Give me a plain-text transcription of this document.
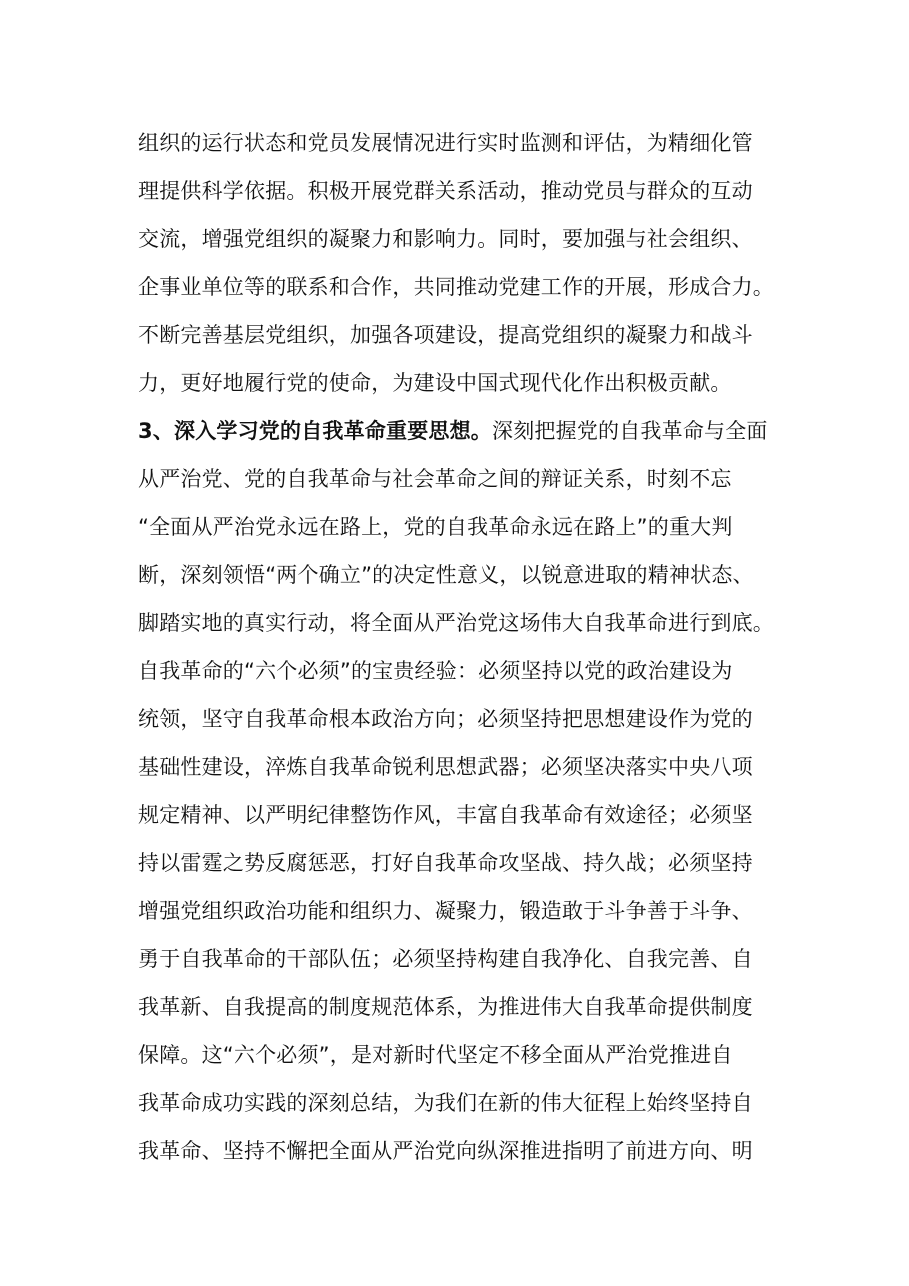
组织的运行状态和党员发展情况进行实时监测和评估，为精细化管
理提供科学依据。积极开展党群关系活动，推动党员与群众的互动
交流，增强党组织的凝聚力和影响力。同时，要加强与社会组织、
企事业单位等的联系和合作，共同推动党建工作的开展，形成合力。
不断完善基层党组织，加强各项建设，提高党组织的凝聚力和战斗
力，更好地履行党的使命，为建设中国式现代化作出积极贡献。
3、深入学习党的自我革命重要思想。深刻把握党的自我革命与全面
从严治党、党的自我革命与社会革命之间的辩证关系，时刻不忘
“全面从严治党永远在路上，党的自我革命永远在路上”的重大判
断，深刻领悟“两个确立”的决定性意义，以锐意进取的精神状态、
脚踏实地的真实行动，将全面从严治党这场伟大自我革命进行到底。
自我革命的“六个必须”的宝贵经验：必须坚持以党的政治建设为
统领，坚守自我革命根本政治方向；必须坚持把思想建设作为党的
基础性建设，淬炼自我革命锐利思想武器；必须坚决落实中央八项
规定精神、以严明纪律整饬作风，丰富自我革命有效途径；必须坚
持以雷霆之势反腐惩恶，打好自我革命攻坚战、持久战；必须坚持
增强党组织政治功能和组织力、凝聚力，锻造敢于斗争善于斗争、
勇于自我革命的干部队伍；必须坚持构建自我净化、自我完善、自
我革新、自我提高的制度规范体系，为推进伟大自我革命提供制度
保障。这“六个必须”，是对新时代坚定不移全面从严治党推进自
我革命成功实践的深刻总结，为我们在新的伟大征程上始终坚持自
我革命、坚持不懈把全面从严治党向纵深推进指明了前进方向、明
